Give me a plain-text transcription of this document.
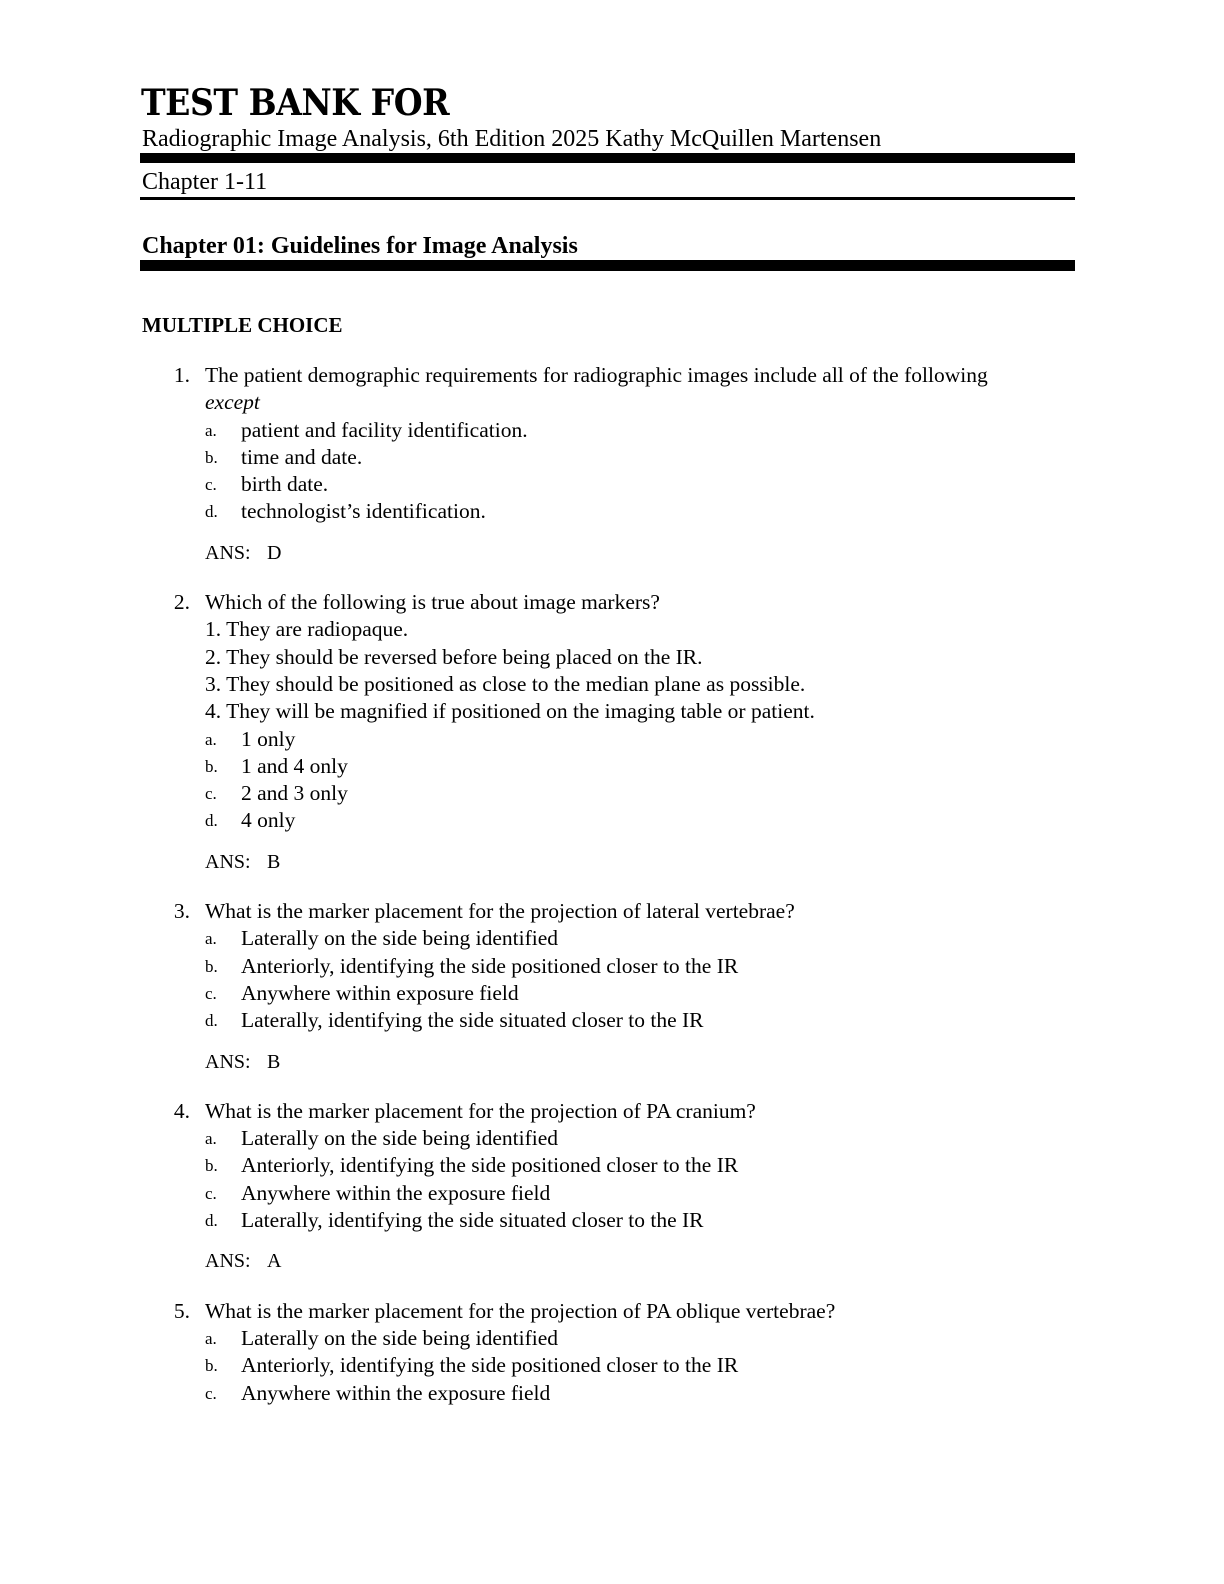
TEST BANK FOR
Radiographic Image Analysis, 6th Edition 2025 Kathy McQuillen Martensen
Chapter 1-11
Chapter 01: Guidelines for Image Analysis
MULTIPLE CHOICE
1. The patient demographic requirements for radiographic images include all of the following
except
a. patient and facility identification.
b. time and date.
c. birth date.
d. technologist’s identification.
ANS: D
2. Which of the following is true about image markers?
1. They are radiopaque.
2. They should be reversed before being placed on the IR.
3. They should be positioned as close to the median plane as possible.
4. They will be magnified if positioned on the imaging table or patient.
a. 1 only
b. 1 and 4 only
c. 2 and 3 only
d. 4 only
ANS: B
3. What is the marker placement for the projection of lateral vertebrae?
a. Laterally on the side being identified
b. Anteriorly, identifying the side positioned closer to the IR
c. Anywhere within exposure field
d. Laterally, identifying the side situated closer to the IR
ANS: B
4. What is the marker placement for the projection of PA cranium?
a. Laterally on the side being identified
b. Anteriorly, identifying the side positioned closer to the IR
c. Anywhere within the exposure field
d. Laterally, identifying the side situated closer to the IR
ANS: A
5. What is the marker placement for the projection of PA oblique vertebrae?
a. Laterally on the side being identified
b. Anteriorly, identifying the side positioned closer to the IR
c. Anywhere within the exposure field
